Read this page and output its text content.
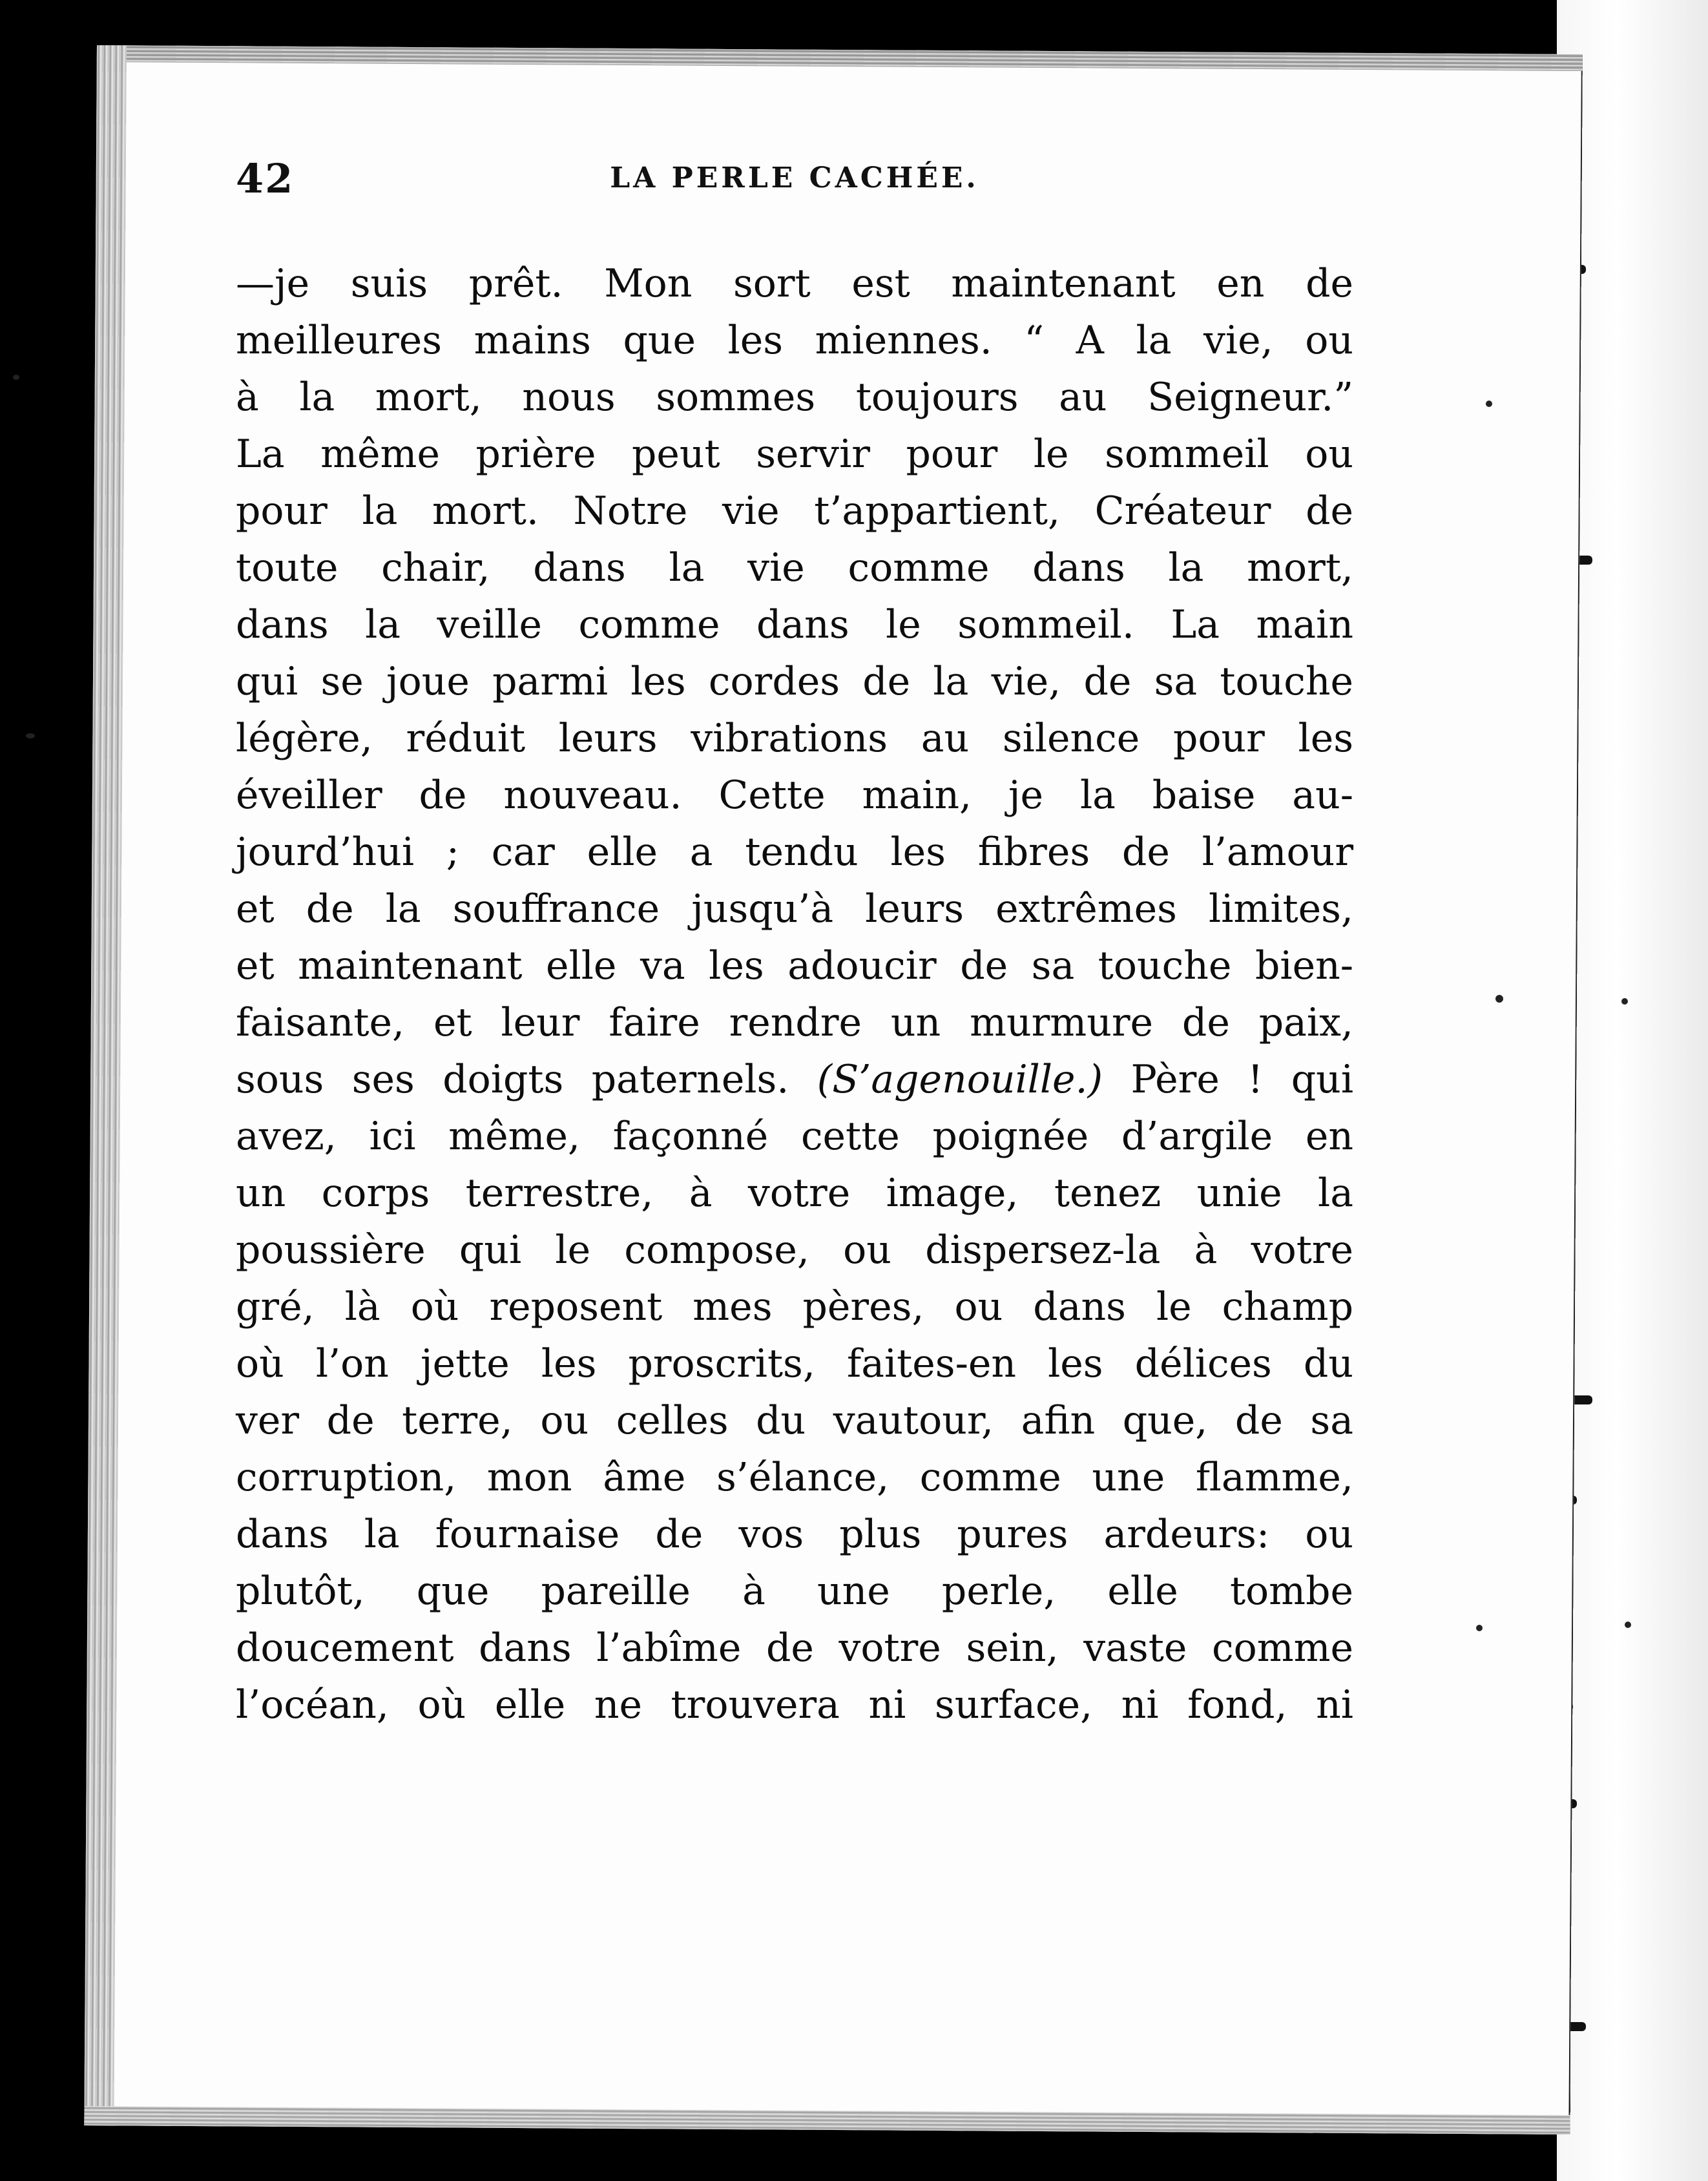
42	LA PERLE CACHÉE.
—je suis prêt. Mon sort est maintenant en de
meilleures mains que les miennes. “ A la vie, ou
à la mort, nous sommes toujours au Seigneur.”
La même prière peut servir pour le sommeil ou
pour la mort. Notre vie t’appartient, Créateur de
toute chair, dans la vie comme dans la mort,
dans la veille comme dans le sommeil. La main
qui se joue parmi les cordes de la vie, de sa touche
légère, réduit leurs vibrations au silence pour les
éveiller de nouveau. Cette main, je la baise au-
jourd’hui ; car elle a tendu les fibres de l’amour
et de la souffrance jusqu’à leurs extrêmes limites,
et maintenant elle va les adoucir de sa touche bien-
faisante, et leur faire rendre un murmure de paix,
sous ses doigts paternels. (S’agenouille.) Père ! qui
avez, ici même, façonné cette poignée d’argile en
un corps terrestre, à votre image, tenez unie la
poussière qui le compose, ou dispersez-la à votre
gré, là où reposent mes pères, ou dans le champ
où l’on jette les proscrits, faites-en les délices du
ver de terre, ou celles du vautour, afin que, de sa
corruption, mon âme s’élance, comme une flamme,
dans la fournaise de vos plus pures ardeurs: ou
plutôt, que pareille à une perle, elle tombe
doucement dans l’abîme de votre sein, vaste comme
l’océan, où elle ne trouvera ni surface, ni fond, ni
